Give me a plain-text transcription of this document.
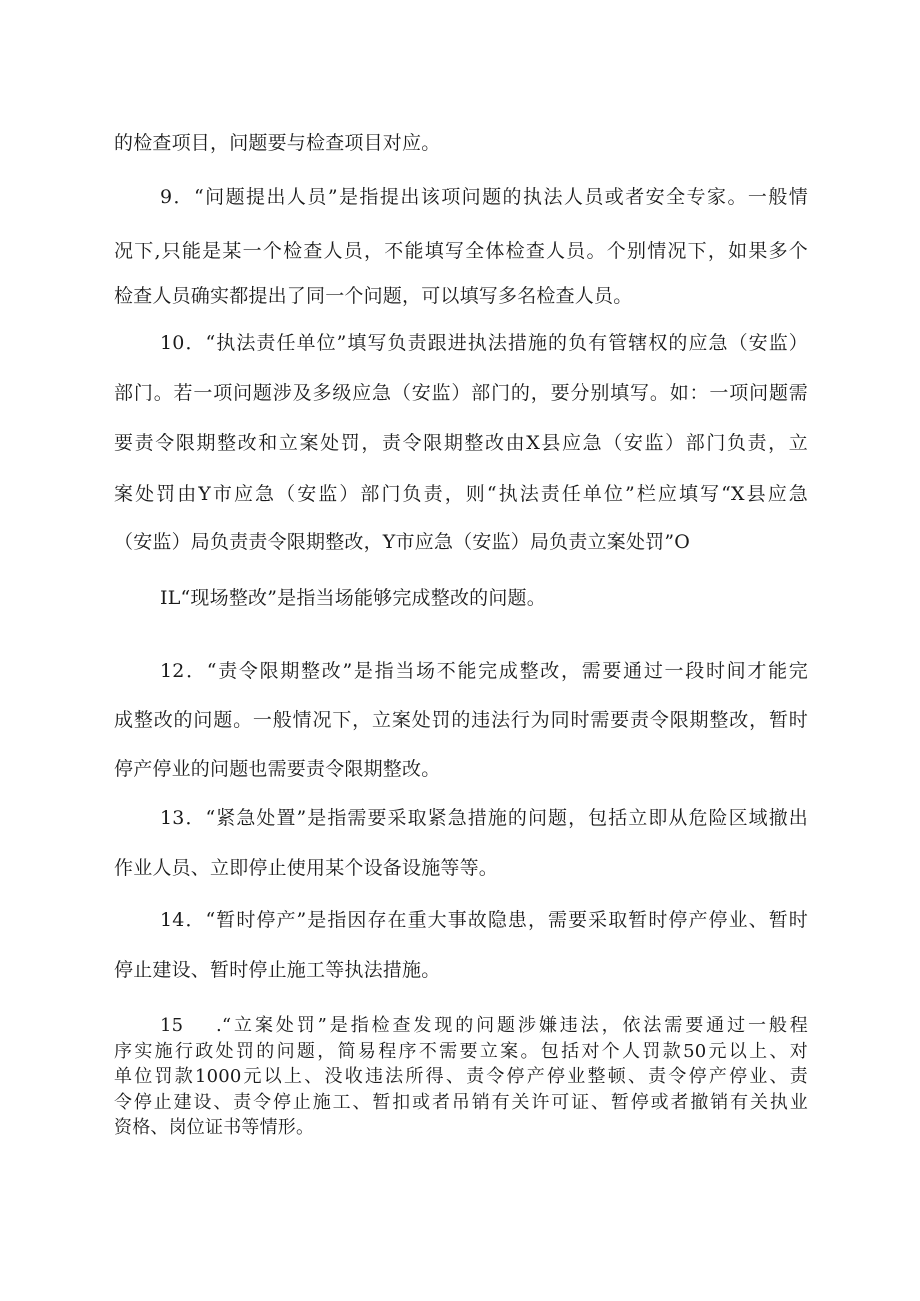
的检查项目，问题要与检查项目对应。
9．“问题提出人员”是指提出该项问题的执法人员或者安全专家。一般情
况下,只能是某一个检查人员，不能填写全体检查人员。个别情况下，如果多个
检查人员确实都提出了同一个问题，可以填写多名检查人员。
10．“执法责任单位”填写负责跟进执法措施的负有管辖权的应急（安监）
部门。若一项问题涉及多级应急（安监）部门的，要分别填写。如：一项问题需
要责令限期整改和立案处罚，责令限期整改由X县应急（安监）部门负责，立
案处罚由Y市应急（安监）部门负责，则“执法责任单位”栏应填写“X县应急
（安监）局负责责令限期整改，Y市应急（安监）局负责立案处罚”O
IL“现场整改”是指当场能够完成整改的问题。
12．“责令限期整改”是指当场不能完成整改，需要通过一段时间才能完
成整改的问题。一般情况下，立案处罚的违法行为同时需要责令限期整改，暂时
停产停业的问题也需要责令限期整改。
13．“紧急处置”是指需要采取紧急措施的问题，包括立即从危险区域撤出
作业人员、立即停止使用某个设备设施等等。
14．“暂时停产”是指因存在重大事故隐患，需要采取暂时停产停业、暂时
停止建设、暂时停止施工等执法措施。
15 .“立案处罚”是指检查发现的问题涉嫌违法，依法需要通过一般程
序实施行政处罚的问题，简易程序不需要立案。包括对个人罚款50元以上、对
单位罚款1000元以上、没收违法所得、责令停产停业整顿、责令停产停业、责
令停止建设、责令停止施工、暂扣或者吊销有关许可证、暂停或者撤销有关执业
资格、岗位证书等情形。
